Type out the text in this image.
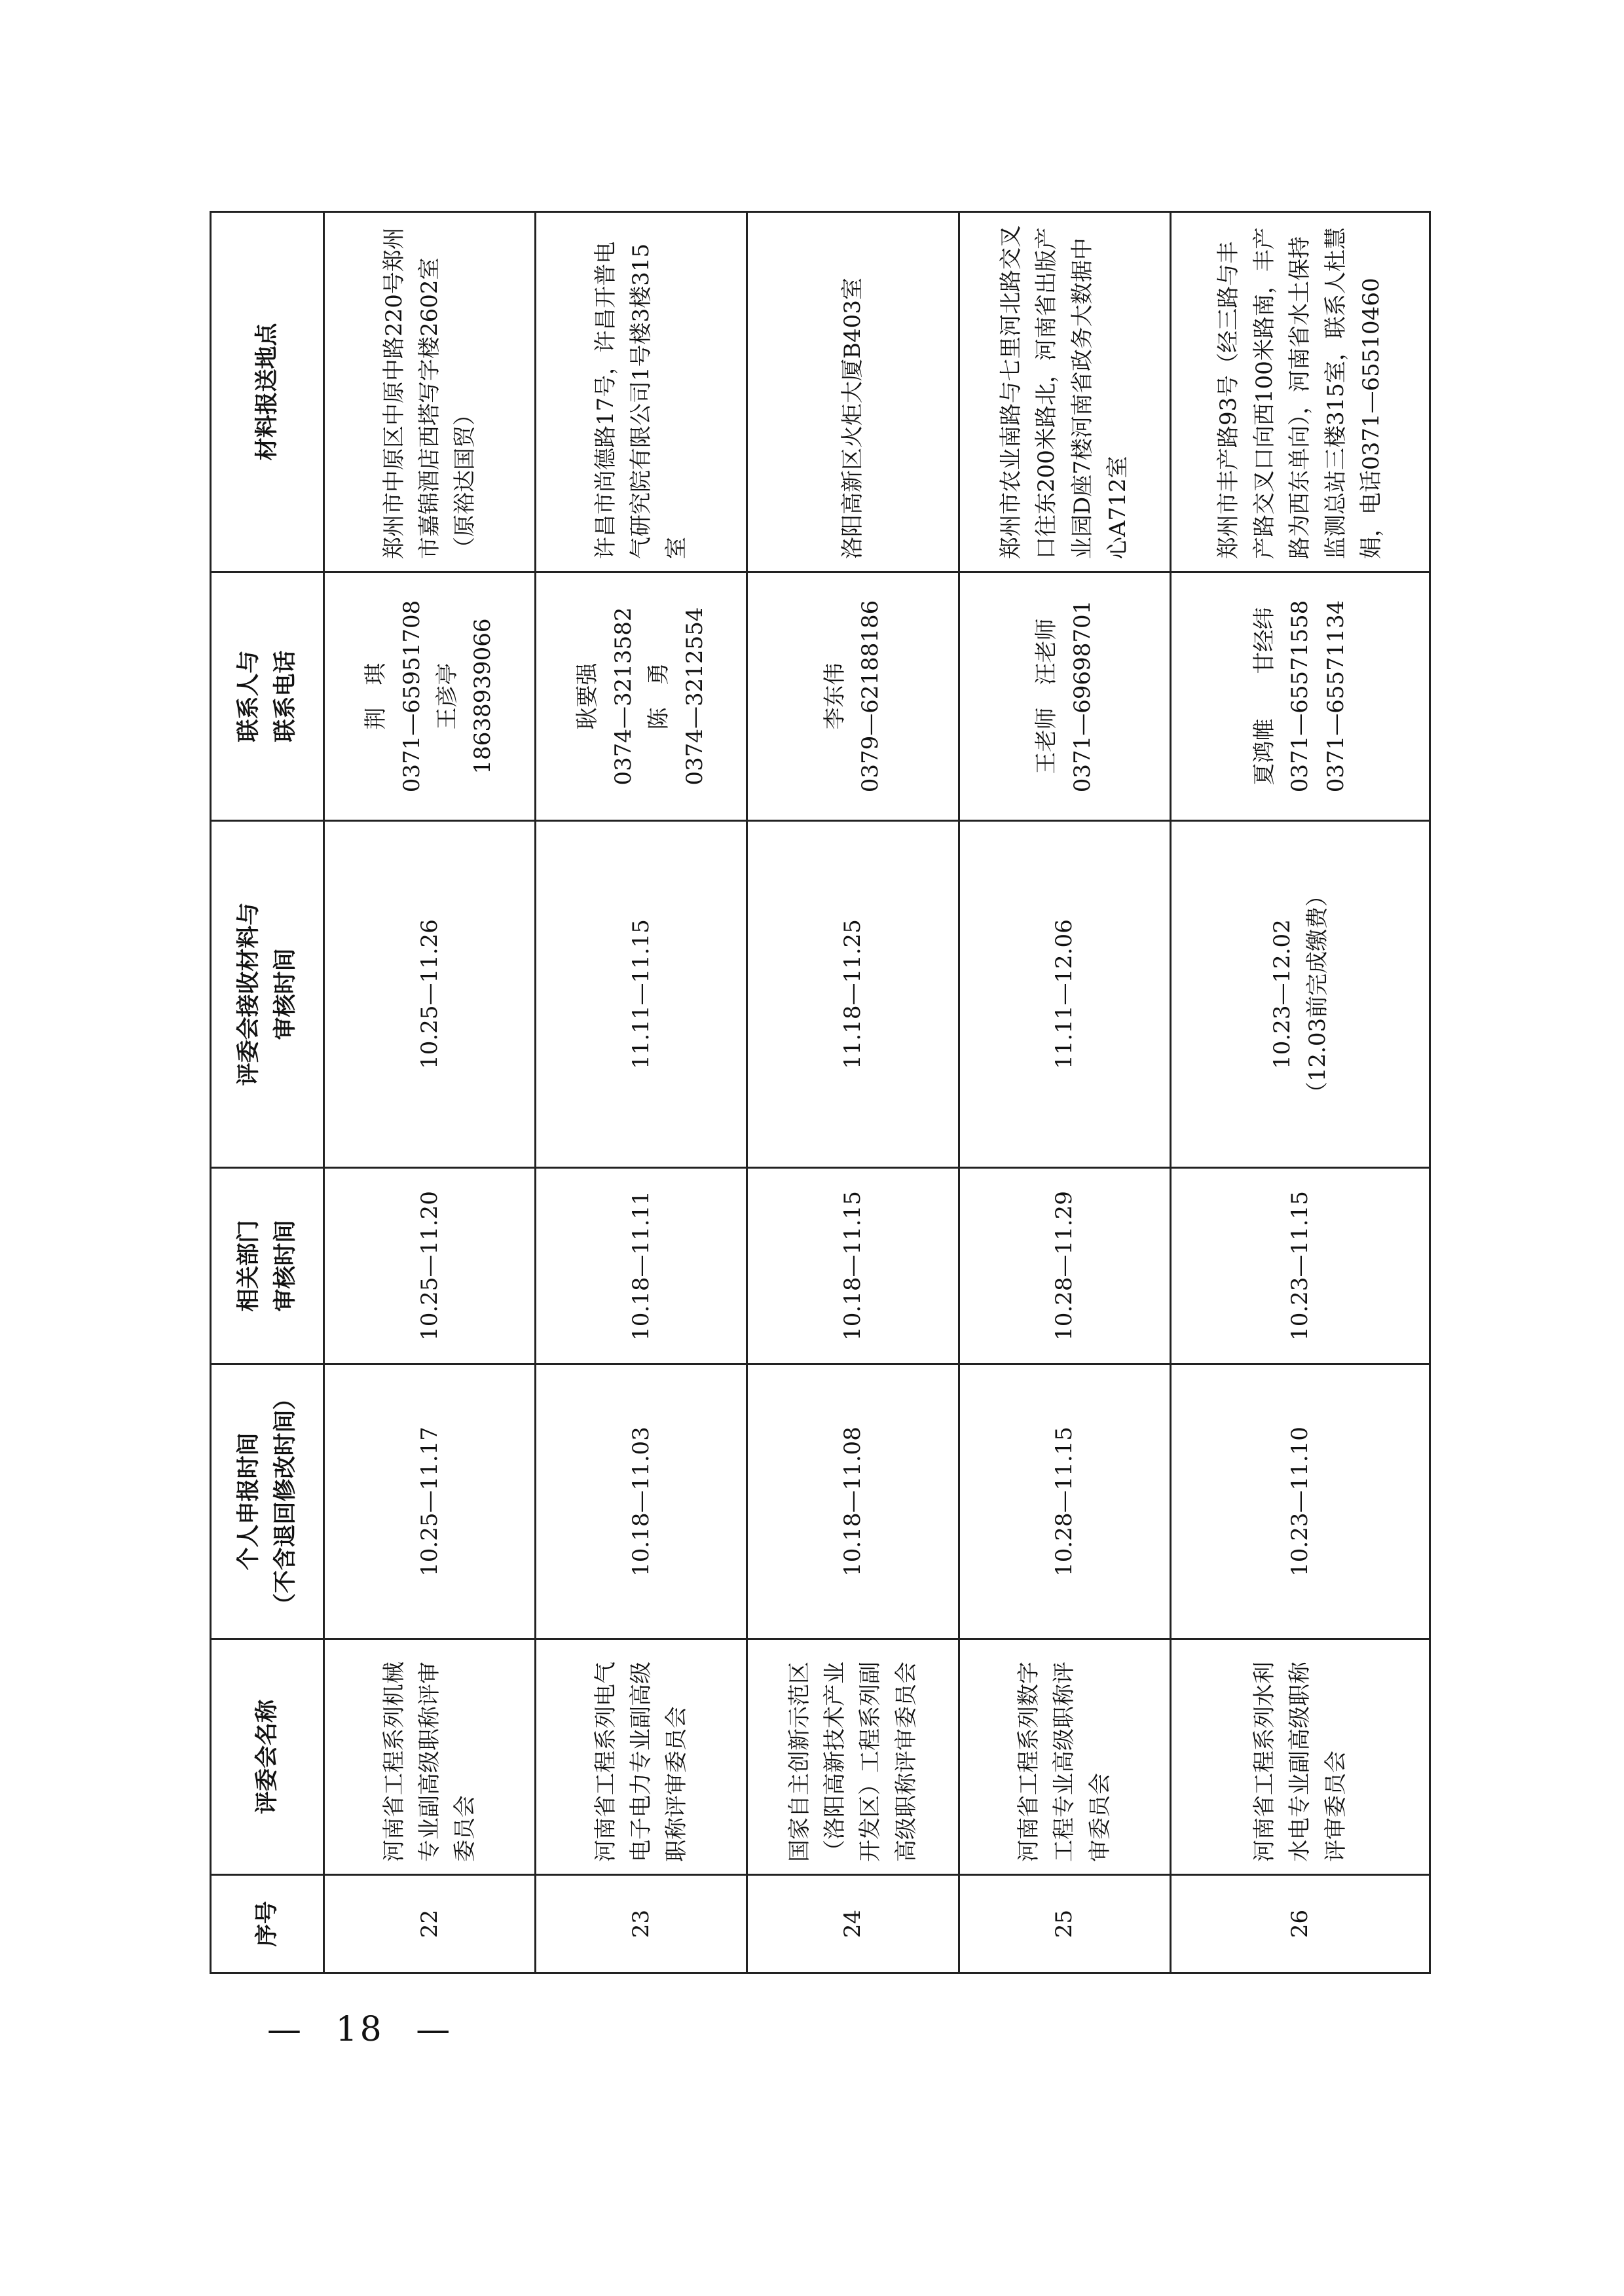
序号	评委会名称	个人申报时间 （不含退回修改时间）	相关部门 审核时间	评委会接收材料与 审核时间	联系人与 联系电话	材料报送地点
22	河南省工程系列机械专业副高级职称评审委员会	10.25—11.17	10.25—11.20	10.25—11.26	荆　琪 0371—65951708 王彦亭 18638939066	郑州市中原区中原中路220号郑州市嘉锦酒店西塔写字楼2602室（原裕达国贸）
23	河南省工程系列电气电子电力专业副高级职称评审委员会	10.18—11.03	10.18—11.11	11.11—11.15	耿要强 0374—3213582 陈　勇 0374—3212554	许昌市尚德路17号，许昌开普电气研究院有限公司1号楼3楼315室
24	国家自主创新示范区（洛阳高新技术产业开发区）工程系列副高级职称评审委员会	10.18—11.08	10.18—11.15	11.18—11.25	李东伟 0379—62188186	洛阳高新区火炬大厦B403室
25	河南省工程系列数字工程专业高级职称评审委员会	10.28—11.15	10.28—11.29	11.11—12.06	王老师　汪老师 0371—69698701	郑州市农业南路与七里河北路交叉口往东200米路北，河南省出版产业园D座7楼河南省政务大数据中心A712室
26	河南省工程系列水利水电专业副高级职称评审委员会	10.23—11.10	10.23—11.15	10.23—12.02 （12.03前完成缴费）	夏鸿帷　　甘经纬 0371—65571558 0371—65571134	郑州市丰产路93号（经三路与丰产路交叉口向西100米路南，丰产路为西东单向），河南省水土保持监测总站三楼315室，联系人杜慧娟，电话0371—65510460
— 18 —
